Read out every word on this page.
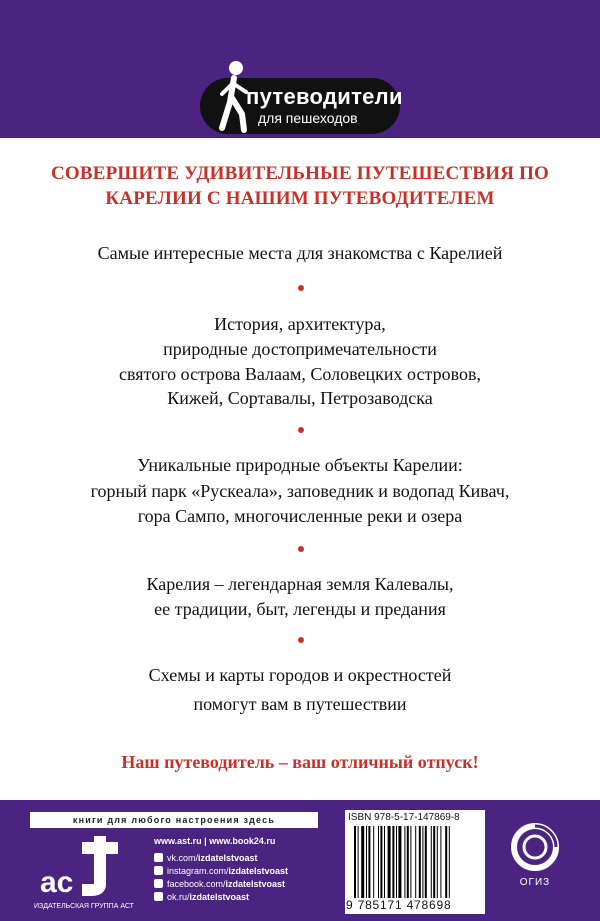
путеводители
для пешеходов
СОВЕРШИТЕ УДИВИТЕЛЬНЫЕ ПУТЕШЕСТВИЯ ПО
КАРЕЛИИ С НАШИМ ПУТЕВОДИТЕЛЕМ
Самые интересные места для знакомства с Карелией
История, архитектура,
природные достопримечательности
святого острова Валаам, Соловецких островов,
Кижей, Сортавалы, Петрозаводска
Уникальные природные объекты Карелии:
горный парк «Рускеала», заповедник и водопад Кивач,
гора Сампо, многочисленные реки и озера
Карелия – легендарная земля Калевалы,
ее традиции, быт, легенды и предания
Схемы и карты городов и окрестностей
помогут вам в путешествии
Наш путеводитель – ваш отличный отпуск!
книги для любого настроения здесь
ас
ИЗДАТЕЛЬСКАЯ ГРУППА АСТ
www.ast.ru | www.book24.ru
vk.com/ izdatelstvoast
instagram.com/ izdatelstvoast
facebook.com/ izdatelstvoast
ok.ru/ izdatelstvoast
ISBN 978-5-17-147869-8
9 785171 478698
ОГИЗ
